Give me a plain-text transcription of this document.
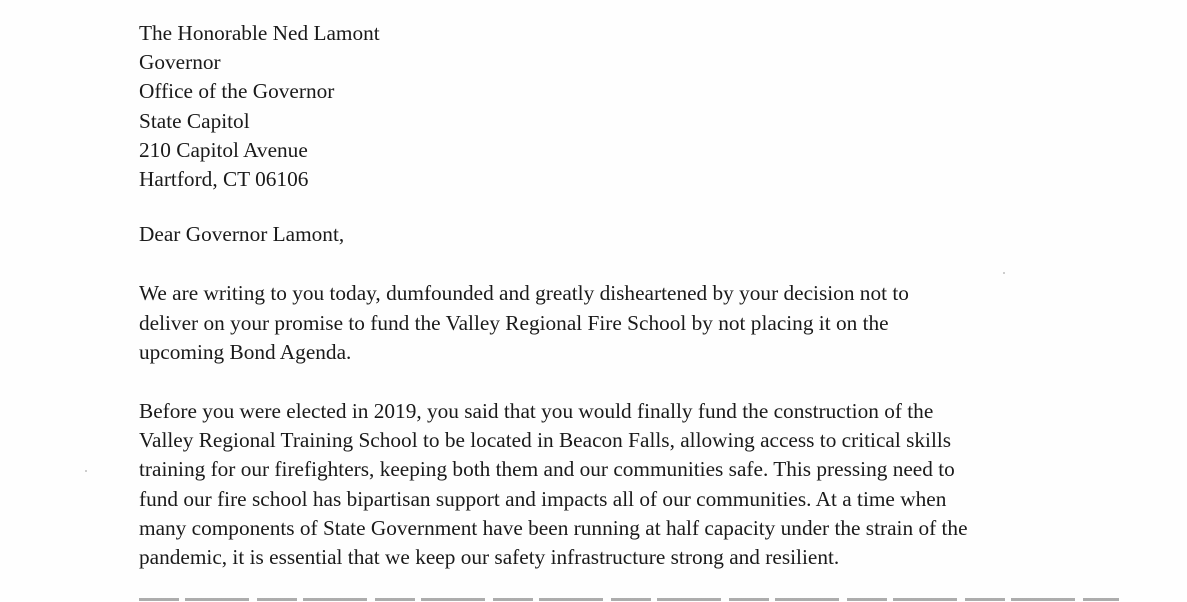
The Honorable Ned Lamont
Governor
Office of the Governor
State Capitol
210 Capitol Avenue
Hartford, CT 06106
Dear Governor Lamont,

We are writing to you today, dumfounded and greatly disheartened by your decision not to
deliver on your promise to fund the Valley Regional Fire School by not placing it on the
upcoming Bond Agenda.

Before you were elected in 2019, you said that you would finally fund the construction of the
Valley Regional Training School to be located in Beacon Falls, allowing access to critical skills
training for our firefighters, keeping both them and our communities safe. This pressing need to
fund our fire school has bipartisan support and impacts all of our communities. At a time when
many components of State Government have been running at half capacity under the strain of the
pandemic, it is essential that we keep our safety infrastructure strong and resilient.
